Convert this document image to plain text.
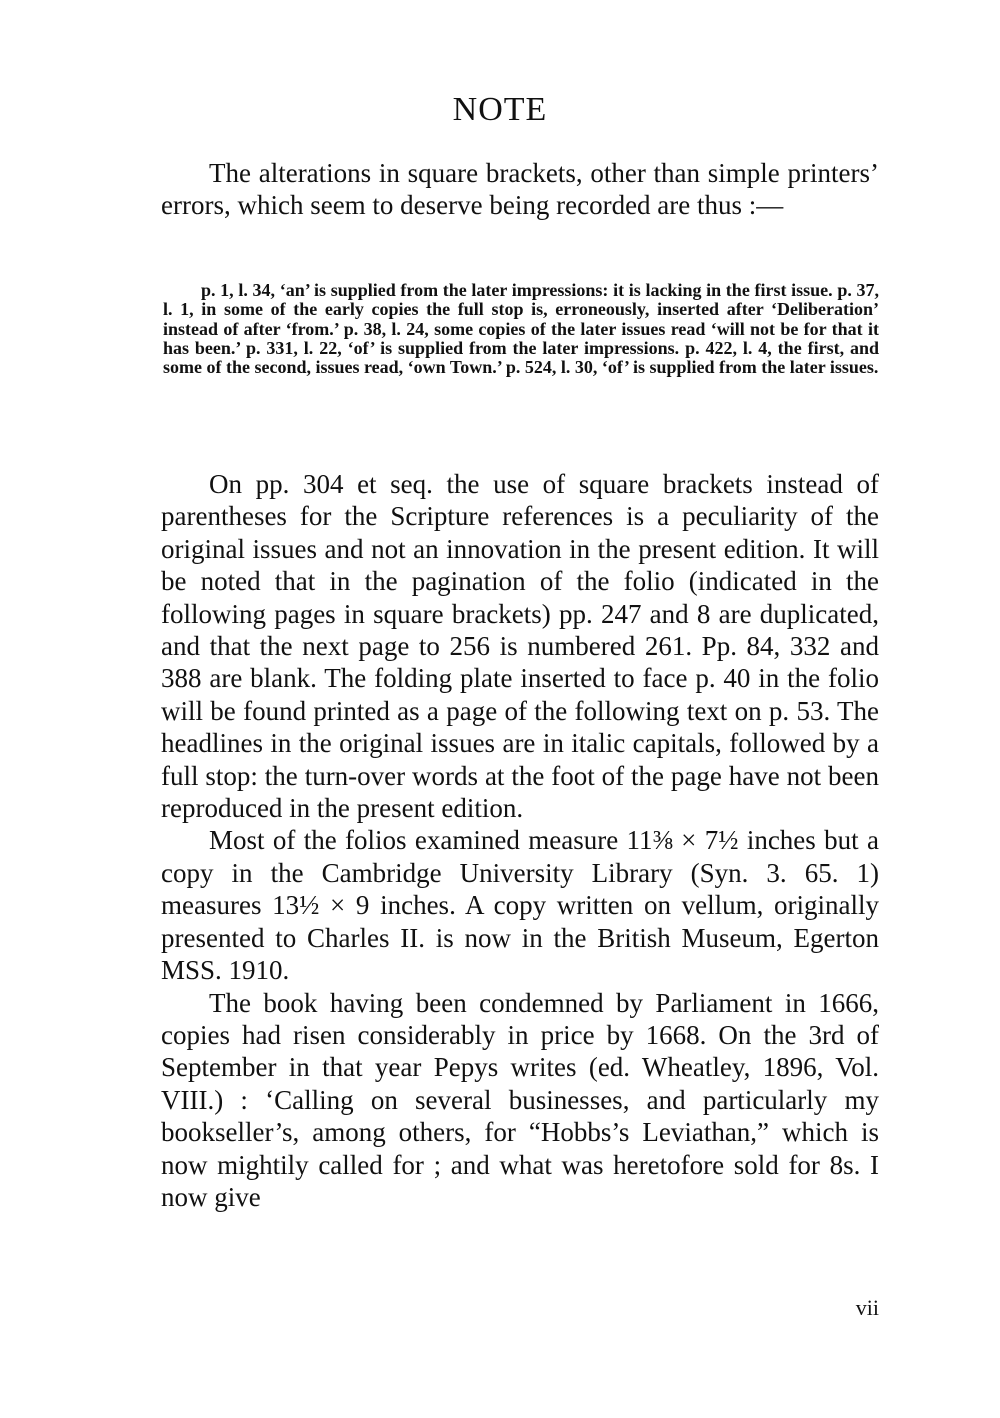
NOTE

The alterations in square brackets, other than simple printers’ errors, which seem to deserve being recorded are thus :—

p. 1, l. 34, ‘an’ is supplied from the later impressions: it is lacking in the first issue. p. 37, l. 1, in some of the early copies the full stop is, erroneously, inserted after ‘Deliberation’ instead of after ‘from.’ p. 38, l. 24, some copies of the later issues read ‘will not be for that it has been.’ p. 331, l. 22, ‘of’ is supplied from the later impressions. p. 422, l. 4, the first, and some of the second, issues read, ‘own Town.’ p. 524, l. 30, ‘of’ is supplied from the later issues.

On pp. 304 et seq. the use of square brackets instead of parentheses for the Scripture references is a peculiarity of the original issues and not an innovation in the present edition. It will be noted that in the pagination of the folio (indicated in the following pages in square brackets) pp. 247 and 8 are duplicated, and that the next page to 256 is numbered 261. Pp. 84, 332 and 388 are blank. The folding plate inserted to face p. 40 in the folio will be found printed as a page of the following text on p. 53. The headlines in the original issues are in italic capitals, followed by a full stop: the turn-over words at the foot of the page have not been reproduced in the present edition.

Most of the folios examined measure 11⅜ × 7½ inches but a copy in the Cambridge University Library (Syn. 3. 65. 1) measures 13½ × 9 inches. A copy written on vellum, originally presented to Charles II. is now in the British Museum, Egerton MSS. 1910.

The book having been condemned by Parliament in 1666, copies had risen considerably in price by 1668. On the 3rd of September in that year Pepys writes (ed. Wheatley, 1896, Vol. VIII.) : ‘Calling on several businesses, and particularly my bookseller’s, among others, for “Hobbs’s Leviathan,” which is now mightily called for ; and what was heretofore sold for 8s. I now give

vii
